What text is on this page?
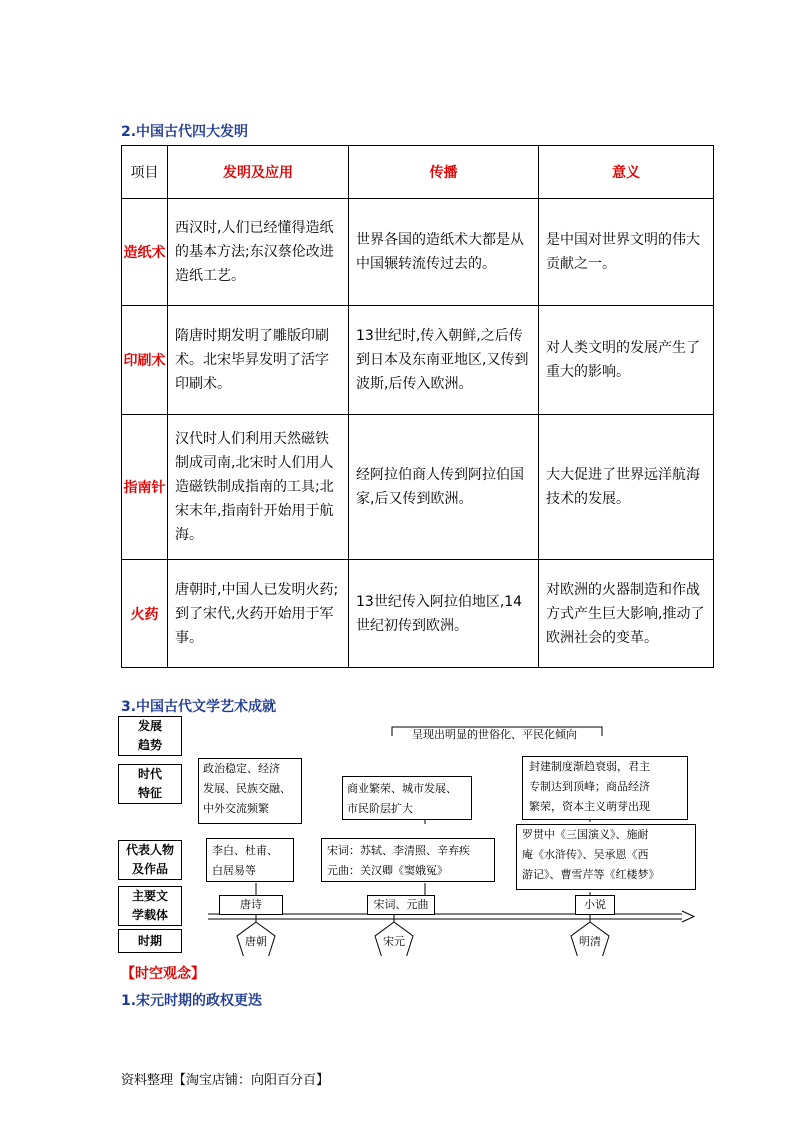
2.中国古代四大发明
项目	发明及应用	传播	意义
造纸术	西汉时,人们已经懂得造纸的基本方法;东汉蔡伦改进造纸工艺。	世界各国的造纸术大都是从中国辗转流传过去的。	是中国对世界文明的伟大贡献之一。
印刷术	隋唐时期发明了雕版印刷术。北宋毕昇发明了活字印刷术。	13世纪时,传入朝鲜,之后传到日本及东南亚地区,又传到波斯,后传入欧洲。	对人类文明的发展产生了重大的影响。
指南针	汉代时人们利用天然磁铁制成司南,北宋时人们用人造磁铁制成指南的工具;北宋末年,指南针开始用于航海。	经阿拉伯商人传到阿拉伯国家,后又传到欧洲。	大大促进了世界远洋航海技术的发展。
火药	唐朝时,中国人已发明火药;到了宋代,火药开始用于军事。	13世纪传入阿拉伯地区,14世纪初传到欧洲。	对欧洲的火器制造和作战方式产生巨大影响,推动了欧洲社会的变革。
3.中国古代文学艺术成就
发展
趋势
时代
特征
代表人物
及作品
主要文
学载体
时期
呈现出明显的世俗化、平民化倾向
政治稳定、经济
发展、民族交融、
中外交流频繁
商业繁荣、城市发展、
市民阶层扩大
封建制度渐趋衰弱，君主
专制达到顶峰；商品经济
繁荣，资本主义萌芽出现
李白、杜甫、
白居易等
宋词：苏轼、李清照、辛弃疾
元曲：关汉卿《窦娥冤》
罗贯中《三国演义》、施耐
庵《水浒传》、吴承恩《西
游记》、曹雪芹等《红楼梦》
唐诗	宋词、元曲	小说
唐朝	宋元	明清
【时空观念】
1.宋元时期的政权更迭
资料整理【淘宝店铺：向阳百分百】
